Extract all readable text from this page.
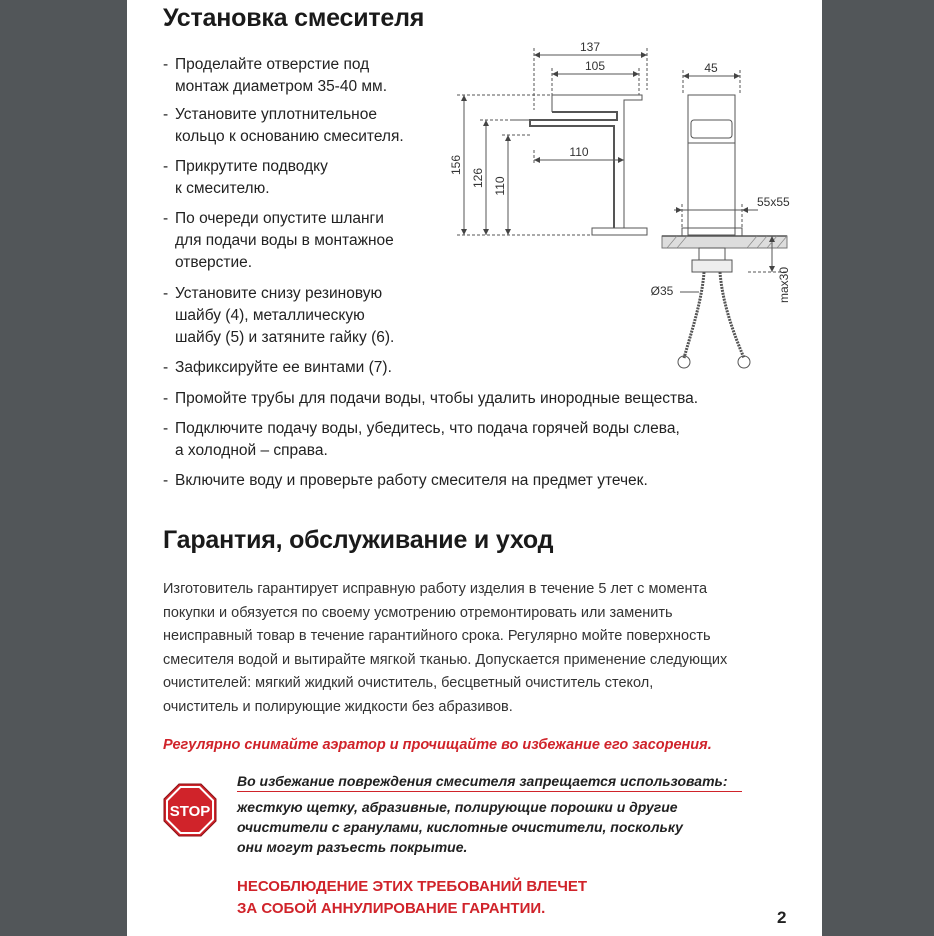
Установка смесителя
- Проделайте отверстие под
монтаж диаметром 35-40 мм.
- Установите уплотнительное
кольцо к основанию смесителя.
- Прикрутите подводку
к смесителю.
- По очереди опустите шланги
для подачи воды в монтажное
отверстие.
- Установите снизу резиновую
шайбу (4), металлическую
шайбу (5) и затяните гайку (6).
- Зафиксируйте ее винтами (7).
- Промойте трубы для подачи воды, чтобы удалить инородные вещества.
- Подключите подачу воды, убедитесь, что подача горячей воды слева,
а холодной – справа.
- Включите воду и проверьте работу смесителя на предмет утечек.
137
105
110
45
55x55
Ø35
156
126 110
max30
Гарантия, обслуживание и уход
Изготовитель гарантирует исправную работу изделия в течение 5 лет с момента
покупки и обязуется по своему усмотрению отремонтировать или заменить
неисправный товар в течение гарантийного срока. Регулярно мойте поверхность
смесителя водой и вытирайте мягкой тканью. Допускается применение следующих
очистителей: мягкий жидкий очиститель, бесцветный очиститель стекол,
очиститель и полирующие жидкости без абразивов.
Регулярно снимайте аэратор и прочищайте во избежание его засорения.
STOP
Во избежание повреждения смесителя запрещается использовать:
жесткую щетку, абразивные, полирующие порошки и другие
очистители с гранулами, кислотные очистители, поскольку
они могут разъесть покрытие.
НЕСОБЛЮДЕНИЕ ЭТИХ ТРЕБОВАНИЙ ВЛЕЧЕТ
ЗА СОБОЙ АННУЛИРОВАНИЕ ГАРАНТИИ.	2
